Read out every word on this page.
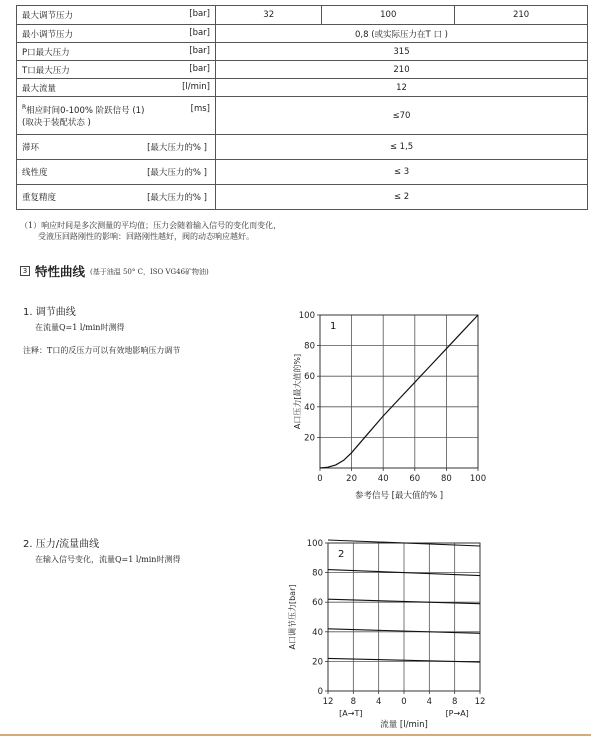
最大调节压力 [bar]	32	100	210

最小调节压力 [bar]	0,8 (或实际压力在T 口 )		

P口最大压力 [bar]	315		

T口最大压力 [bar]	210		

最大流量 [l/min]	12		

$^R$相应时间0-100% 阶跃信号 (1)
(取决于装配状态 )
[ms]	≤70		

滞环 [最大压力的% ]	≤ 1,5		

线性度 [最大压力的% ]	≤ 3		

重复精度 [最大压力的% ]	≤ 2		
（1）响应时间是多次测量的平均值；压力会随着输入信号的变化而变化，
受液压回路刚性的影响：回路刚性越好，阀的动态响应越好。
3 特性曲线 (基于油温 50° C，ISO VG46矿物油)
1. 调节曲线
在流量Q=1 l/min时测得
注释：T口的反压力可以有效地影响压力调节
2. 压力/流量曲线
在输入信号变化，流量Q=1 l/min时测得
0	20 40 60 80 100
20
40
60
80
100
1
参考信号 [最大值的% ]
A口压力[最大值的%]
12 8 4 0 4 8 12
0
20
40
60
80
100
2
[A→T]	[P→A]
流量 [l/min]
A口调节压力[bar]
